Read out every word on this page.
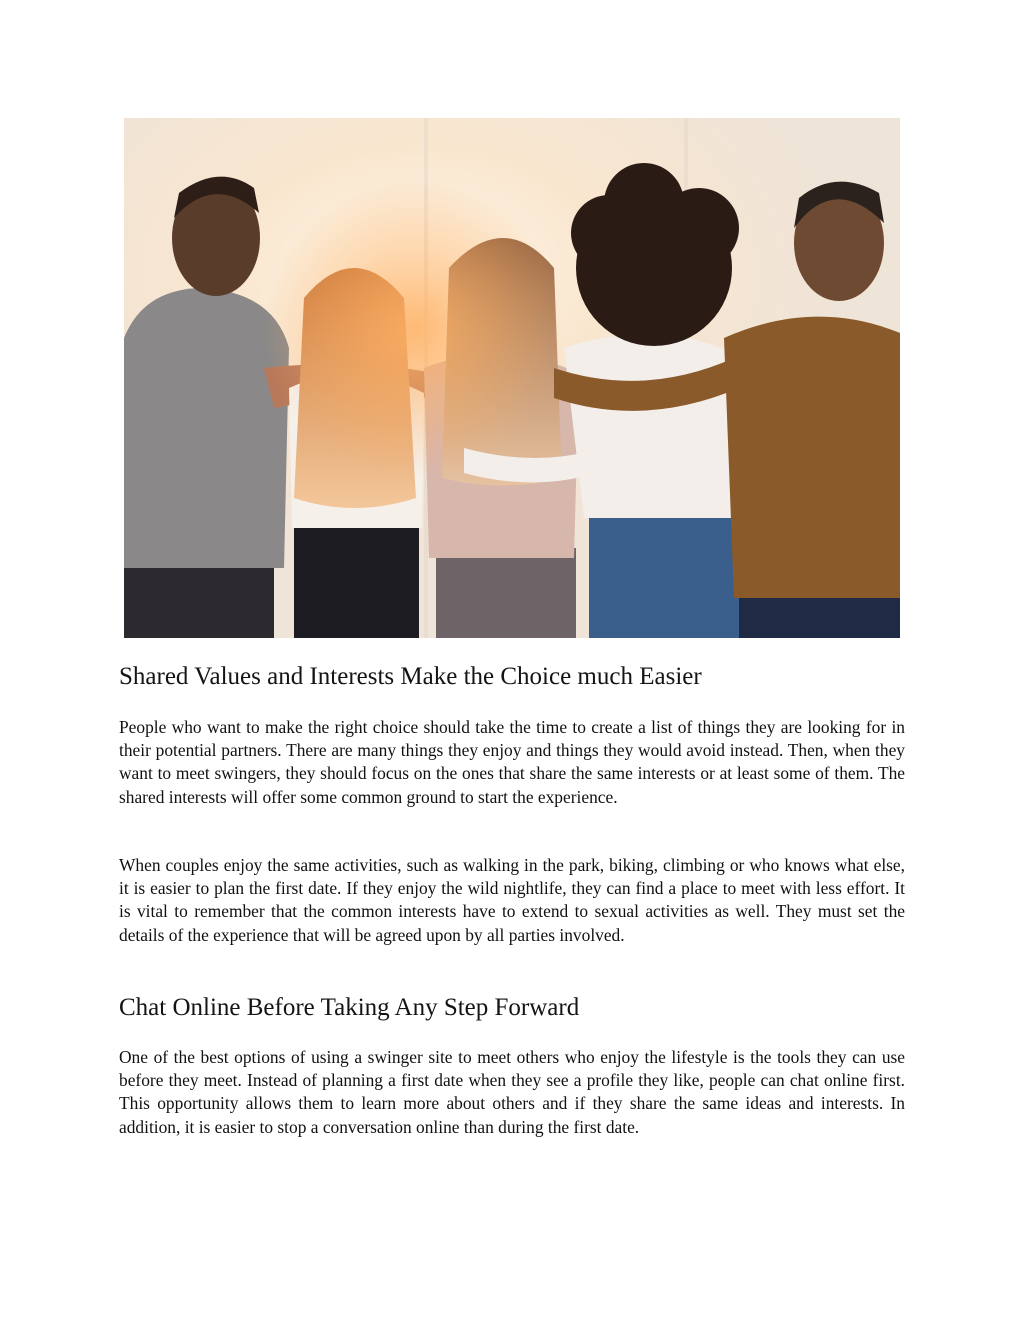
Shared Values and Interests Make the Choice much Easier

People who want to make the right choice should take the time to create a list of things they are looking for in their potential partners. There are many things they enjoy and things they would avoid instead. Then, when they want to meet swingers, they should focus on the ones that share the same interests or at least some of them. The shared interests will offer some common ground to start the experience.

When couples enjoy the same activities, such as walking in the park, biking, climbing or who knows what else, it is easier to plan the first date. If they enjoy the wild nightlife, they can find a place to meet with less effort. It is vital to remember that the common interests have to extend to sexual activities as well. They must set the details of the experience that will be agreed upon by all parties involved.

Chat Online Before Taking Any Step Forward

One of the best options of using a swinger site to meet others who enjoy the lifestyle is the tools they can use before they meet. Instead of planning a first date when they see a profile they like, people can chat online first. This opportunity allows them to learn more about others and if they share the same ideas and interests. In addition, it is easier to stop a conversation online than during the first date.
